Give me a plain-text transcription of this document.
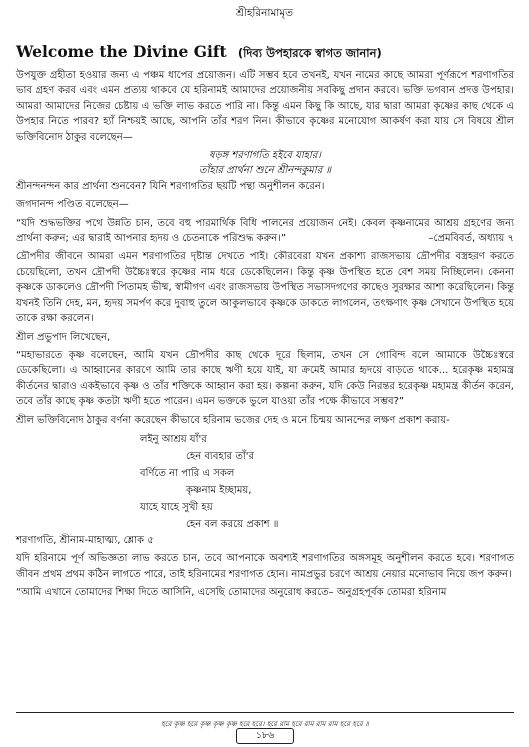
শ্রীহরিনামামৃত
Welcome the Divine Gift (দিব্য উপহারকে স্বাগত জানান)

উপযুক্ত গ্রহীতা হওয়ার জন্য এ পঞ্চম ধাপের প্রয়োজন। এটি সম্ভব হবে তখনই, যখন নামের কাছে আমরা পূর্ণরূপে শরণাগতির ভাব গ্রহণ করব এবং এমন প্রত্যয় থাকবে যে হরিনামই আমাদের প্রয়োজনীয় সবকিছু প্রদান করবে। ভক্তি ভগবান প্রদত্ত উপহার। আমরা আমাদের নিজের চেষ্টায় এ ভক্তি লাভ করতে পারি না। কিন্তু এমন কিছু কি আছে, যার দ্বারা আমরা কৃষ্ণের কাছ থেকে এ উপহার নিতে পারব? হ্যাঁ নিশ্চয়ই আছে, আপনি তাঁর শরণ নিন। কীভাবে কৃষ্ণের মনোযোগ আকর্ষণ করা যায় সে বিষয়ে শ্রীল ভক্তিবিনোদ ঠাকুর বলেছেন—

ষড়ঙ্গ শরণাগতি হইবে যাহার।
তাঁহার প্রার্থনা শুনে শ্রীনন্দকুমার ॥

শ্রীনন্দনন্দন কার প্রার্থনা শুনবেন? যিনি শরণাগতির ছয়টি পন্থা অনুশীলন করেন।

জগদানন্দ পণ্ডিত বলেছেন—

“যদি শুদ্ধভক্তির পথে উন্নতি চান, তবে বহু পারমার্থিক বিধি পালনের প্রয়োজন নেই। কেবল কৃষ্ণনামের আশ্রয় গ্রহণের জন্য প্রার্থনা করুন; এর দ্বারাই আপনার হৃদয় ও চেতনাকে পরিশুদ্ধ করুন।”	–প্রেমবিবর্ত, অধ্যায় ৭

দ্রৌপদীর জীবনে আমরা এমন শরণাগতির দৃষ্টান্ত দেখতে পাই। কৌরবেরা যখন প্রকাশ্য রাজসভায় দ্রৌপদীর বস্ত্রহরণ করতে চেয়েছিলো, তখন দ্রৌপদী উচ্চৈঃস্বরে কৃষ্ণের নাম ধরে ডেকেছিলেন। কিন্তু কৃষ্ণ উপস্থিত হতে বেশ সময় নিচ্ছিলেন। কেননা কৃষ্ণকে ডাকলেও দ্রৌপদী পিতামহ ভীষ্ম, স্বামীগণ এবং রাজসভায় উপস্থিত সভাসদগণের কাছেও সুরক্ষার আশা করেছিলেন। কিন্তু যখনই তিনি দেহ, মন, হৃদয় সমর্পণ করে দুবাহু তুলে আকুলভাবে কৃষ্ণকে ডাকতে লাগলেন, তৎক্ষণাৎ কৃষ্ণ সেখানে উপস্থিত হয়ে তাকে রক্ষা করলেন।

শ্রীল প্রভুপাদ লিখেছেন,

“মহাভারতে কৃষ্ণ বলেছেন, আমি যখন দ্রৌপদীর কাছ থেকে দূরে ছিলাম, তখন সে গোবিন্দ বলে আমাকে উচ্চৈঃস্বরে ডেকেছিলো। এ আহ্বানের কারণে আমি তার কাছে ঋণী হয়ে যাই, যা ক্রমেই আমার হৃদয়ে বাড়তে থাকে... হরেকৃষ্ণ মহামন্ত্র কীর্তনের দ্বারাও একইভাবে কৃষ্ণ ও তাঁর শক্তিকে আহ্বান করা হয়। কল্পনা করুন, যদি কেউ নিরন্তর হরেকৃষ্ণ মহামন্ত্র কীর্তন করেন, তবে তাঁর কাছে কৃষ্ণ কতটা ঋণী হতে পারেন। এমন ভক্তকে ভুলে যাওয়া তাঁর পক্ষে কীভাবে সম্ভব?”

শ্রীল ভক্তিবিনোদ ঠাকুর বর্ণনা করেছেন কীভাবে হরিনাম ভজের দেহ ও মনে চিন্ময় আনন্দের লক্ষণ প্রকাশ করায়-

লইনু আশ্রয় যাঁ'র
হেন ব্যবহার তাঁ'র
বর্ণিতে না পারি এ সকল
কৃষ্ণনাম ইচ্ছাময়,
যাহে যাহে সুখী হয়
হেন বল করয়ে প্রকাশ ॥

শরণাগতি, শ্রীনাম-মাহাত্ম্য, শ্লোক ৫

যদি হরিনামে পূর্ণ অভিজ্ঞতা লাভ করতে চান, তবে আপনাকে অবশ্যই শরণাগতির অঙ্গসমূহ অনুশীলন করতে হবে। শরণাগত জীবন প্রথম প্রথম কঠিন লাগতে পারে, তাই হরিনামের শরণাগত হোন। নামপ্রভুর চরণে আশ্রয় নেয়ার মনোভাব নিয়ে জপ করুন।

“আমি এখানে তোমাদের শিক্ষা দিতে আসিনি, এসেছি তোমাদের অনুরোধ করতে– অনুগ্রহপূর্বক তোমরা হরিনাম

হরে কৃষ্ণ হরে কৃষ্ণ কৃষ্ণ কৃষ্ণ হরে হরে। হরে রাম হরে রাম রাম রাম হরে হরে ॥
১৮৬
